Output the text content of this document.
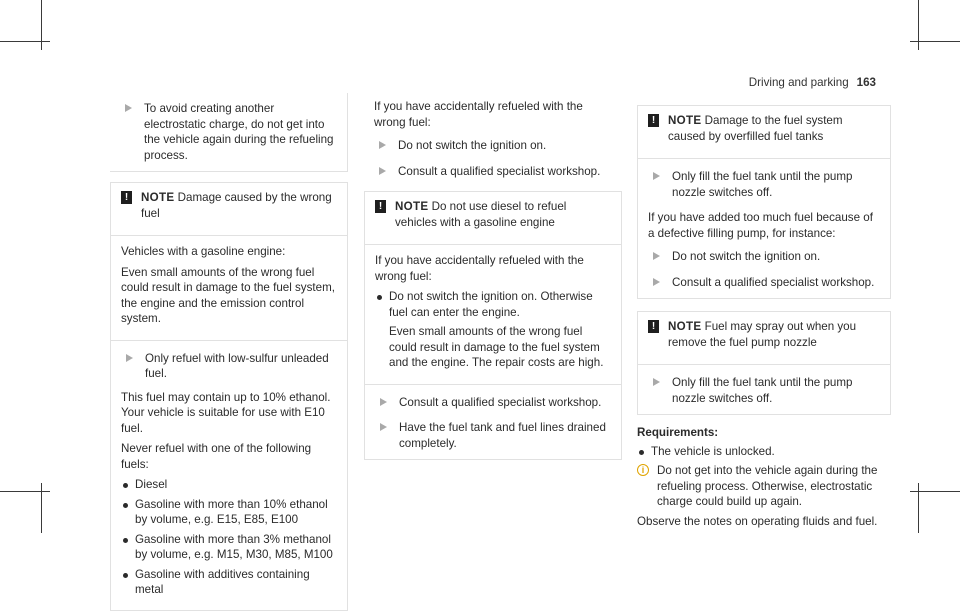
Driving and parking 163
To avoid creating another electrostatic charge, do not get into the vehicle again during the refueling process.
!	NOTE Damage caused by the wrong fuel

Vehicles with a gasoline engine:

Even small amounts of the wrong fuel could result in damage to the fuel system, the engine and the emission control system.

Only refuel with low-sulfur unleaded fuel.

This fuel may contain up to 10% ethanol. Your vehicle is suitable for use with E10 fuel.

Never refuel with one of the following fuels:

Diesel
Gasoline with more than 10% ethanol by volume, e.g. E15, E85, E100
Gasoline with more than 3% methanol by volume, e.g. M15, M30, M85, M100
Gasoline with additives containing metal

If you have accidentally refueled with the wrong fuel:

Do not switch the ignition on.
Consult a qualified specialist workshop.
!	NOTE Do not use diesel to refuel vehicles with a gasoline engine

If you have accidentally refueled with the wrong fuel:

Do not switch the ignition on. Otherwise fuel can enter the engine.

Even small amounts of the wrong fuel could result in damage to the fuel system and the engine. The repair costs are high.

Consult a qualified specialist workshop.
Have the fuel tank and fuel lines drained completely.
!	NOTE Damage to the fuel system caused by overfilled fuel tanks
Only fill the fuel tank until the pump nozzle switches off.

If you have added too much fuel because of a defective filling pump, for instance:

Do not switch the ignition on.
Consult a qualified specialist workshop.
!	NOTE Fuel may spray out when you remove the fuel pump nozzle
Only fill the fuel tank until the pump nozzle switches off.
Requirements:
The vehicle is unlocked.
i	Do not get into the vehicle again during the refueling process. Otherwise, electrostatic charge could build up again.

Observe the notes on operating fluids and fuel.
